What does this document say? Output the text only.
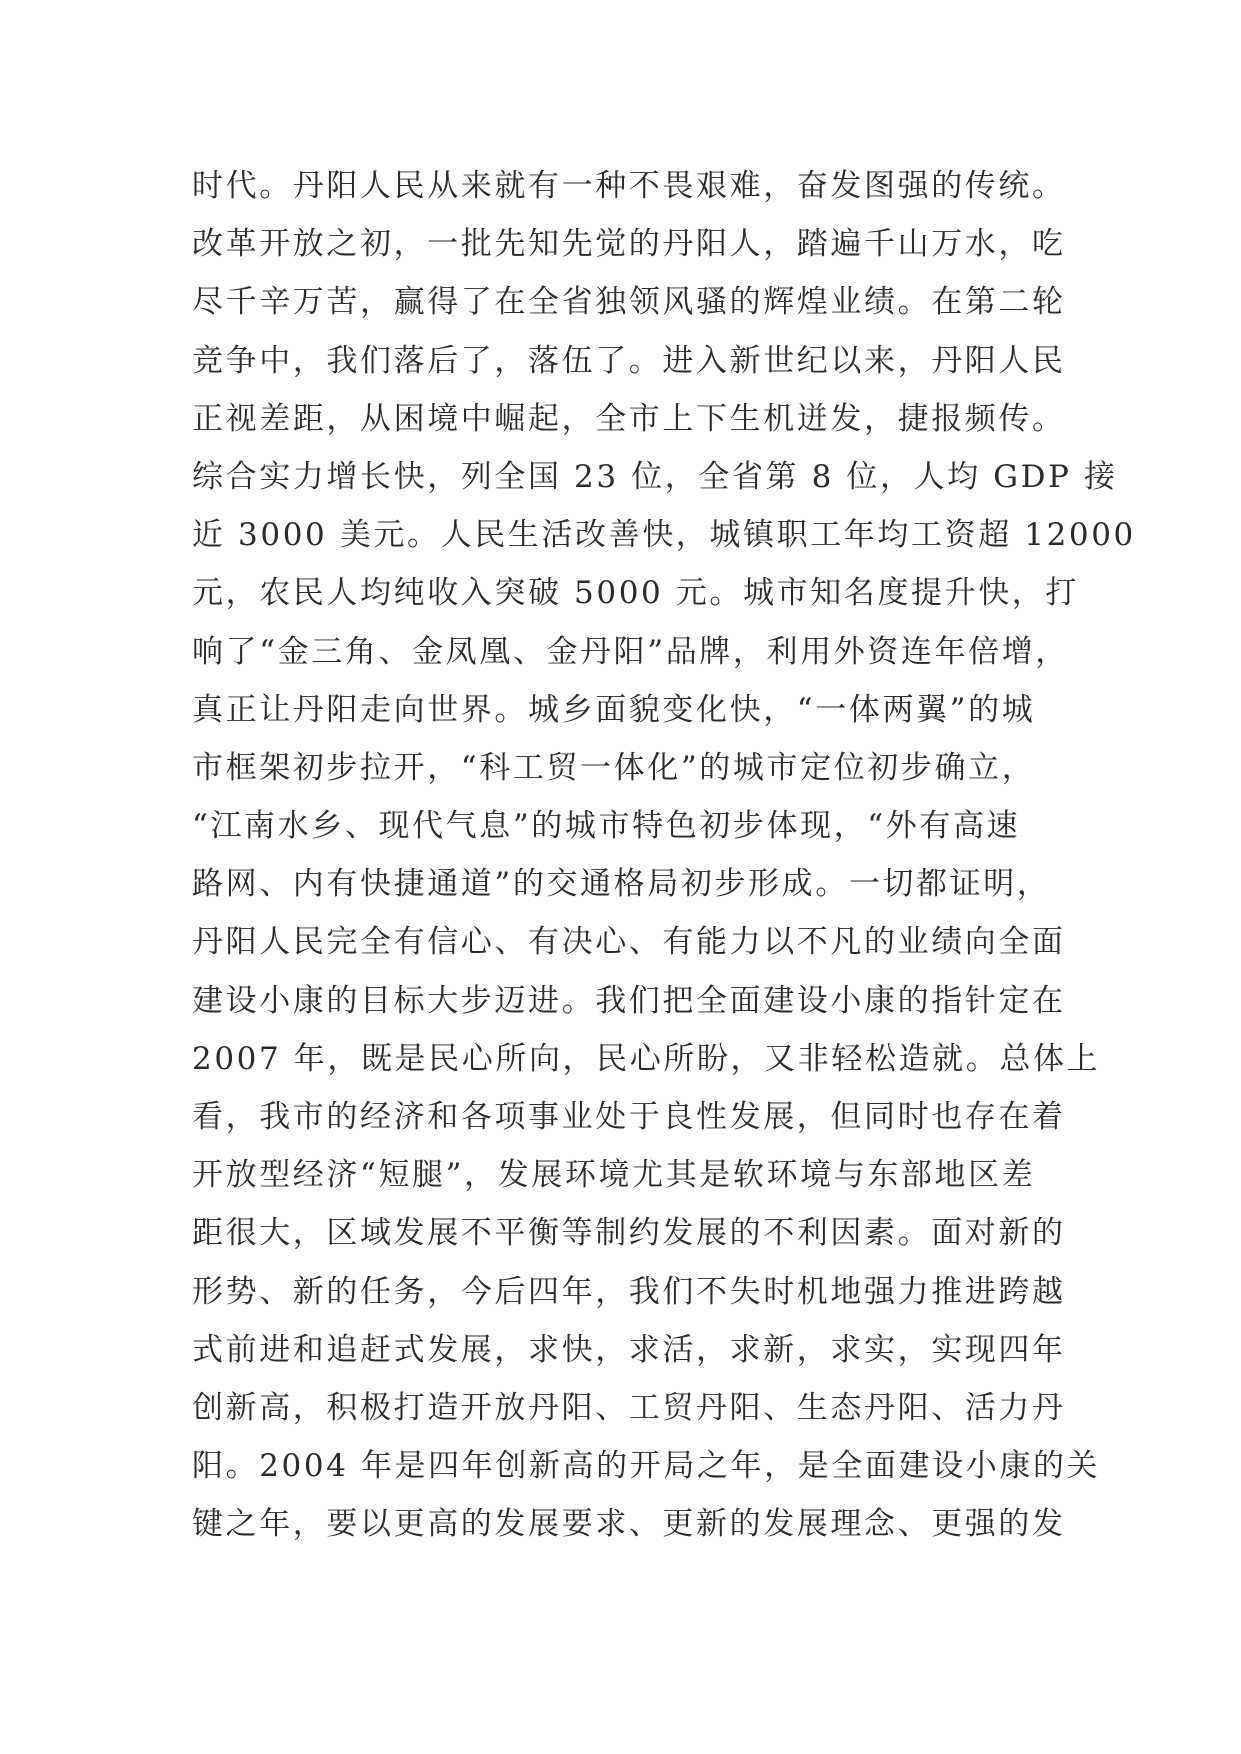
时代。丹阳人民从来就有一种不畏艰难，奋发图强的传统。
改革开放之初，一批先知先觉的丹阳人，踏遍千山万水，吃
尽千辛万苦，赢得了在全省独领风骚的辉煌业绩。在第二轮
竞争中，我们落后了，落伍了。进入新世纪以来，丹阳人民
正视差距，从困境中崛起，全市上下生机迸发，捷报频传。
综合实力增长快，列全国 23 位，全省第 8 位，人均 GDP 接
近 3000 美元。人民生活改善快，城镇职工年均工资超 12000
元，农民人均纯收入突破 5000 元。城市知名度提升快，打
响了“金三角、金凤凰、金丹阳”品牌，利用外资连年倍增，
真正让丹阳走向世界。城乡面貌变化快，“一体两翼”的城
市框架初步拉开，“科工贸一体化”的城市定位初步确立，
“江南水乡、现代气息”的城市特色初步体现，“外有高速
路网、内有快捷通道”的交通格局初步形成。一切都证明，
丹阳人民完全有信心、有决心、有能力以不凡的业绩向全面
建设小康的目标大步迈进。我们把全面建设小康的指针定在
2007 年，既是民心所向，民心所盼，又非轻松造就。总体上
看，我市的经济和各项事业处于良性发展，但同时也存在着
开放型经济“短腿”，发展环境尤其是软环境与东部地区差
距很大，区域发展不平衡等制约发展的不利因素。面对新的
形势、新的任务，今后四年，我们不失时机地强力推进跨越
式前进和追赶式发展，求快，求活，求新，求实，实现四年
创新高，积极打造开放丹阳、工贸丹阳、生态丹阳、活力丹
阳。2004 年是四年创新高的开局之年，是全面建设小康的关
键之年，要以更高的发展要求、更新的发展理念、更强的发
